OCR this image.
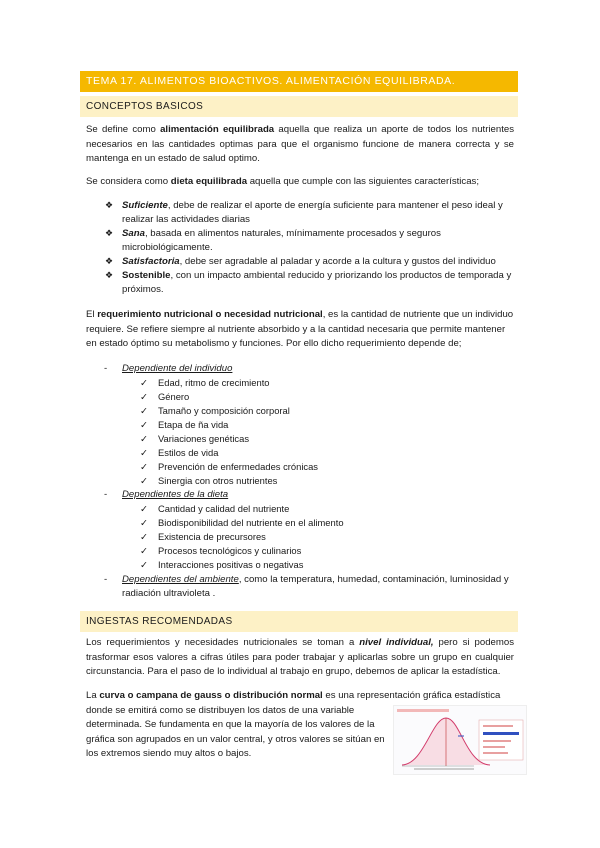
TEMA 17. ALIMENTOS BIOACTIVOS. ALIMENTACIÓN EQUILIBRADA.
CONCEPTOS BASICOS
Se define como alimentación equilibrada aquella que realiza un aporte de todos los nutrientes necesarios en las cantidades optimas para que el organismo funcione de manera correcta y se mantenga en un estado de salud optimo.
Se considera como dieta equilibrada aquella que cumple con las siguientes características;
❖ Suficiente, debe de realizar el aporte de energía suficiente para mantener el peso ideal y realizar las actividades diarias
❖ Sana, basada en alimentos naturales, mínimamente procesados y seguros microbiológicamente.
❖ Satisfactoria, debe ser agradable al paladar y acorde a la cultura y gustos del individuo
❖ Sostenible, con un impacto ambiental reducido y priorizando los productos de temporada y próximos.
El requerimiento nutricional o necesidad nutricional, es la cantidad de nutriente que un individuo requiere. Se refiere siempre al nutriente absorbido y a la cantidad necesaria que permite mantener en estado óptimo su metabolismo y funciones. Por ello dicho requerimiento depende de;
- Dependiente del individuo
✓ Edad, ritmo de crecimiento
✓ Género
✓ Tamaño y composición corporal
✓ Etapa de ña vida
✓ Variaciones genéticas
✓ Estilos de vida
✓ Prevención de enfermedades crónicas
✓ Sinergia con otros nutrientes
- Dependientes de la dieta
✓ Cantidad y calidad del nutriente
✓ Biodisponibilidad del nutriente en el alimento
✓ Existencia de precursores
✓ Procesos tecnológicos y culinarios
✓ Interacciones positivas o negativas
- Dependientes del ambiente, como la temperatura, humedad, contaminación, luminosidad y radiación ultravioleta .
INGESTAS RECOMENDADAS
Los requerimientos y necesidades nutricionales se toman a nivel individual, pero si podemos trasformar esos valores a cifras útiles para poder trabajar y aplicarlas sobre un grupo en cualquier circunstancia. Para el paso de lo individual al trabajo en grupo, debemos de aplicar la estadística.
La curva o campana de gauss o distribución normal es una representación gráfica estadística
donde se emitirá como se distribuyen los datos de una variable
determinada. Se fundamenta en que la mayoría de los valores de la
gráfica son agrupados en un valor central, y otros valores se sitúan en
los extremos siendo muy altos o bajos.
